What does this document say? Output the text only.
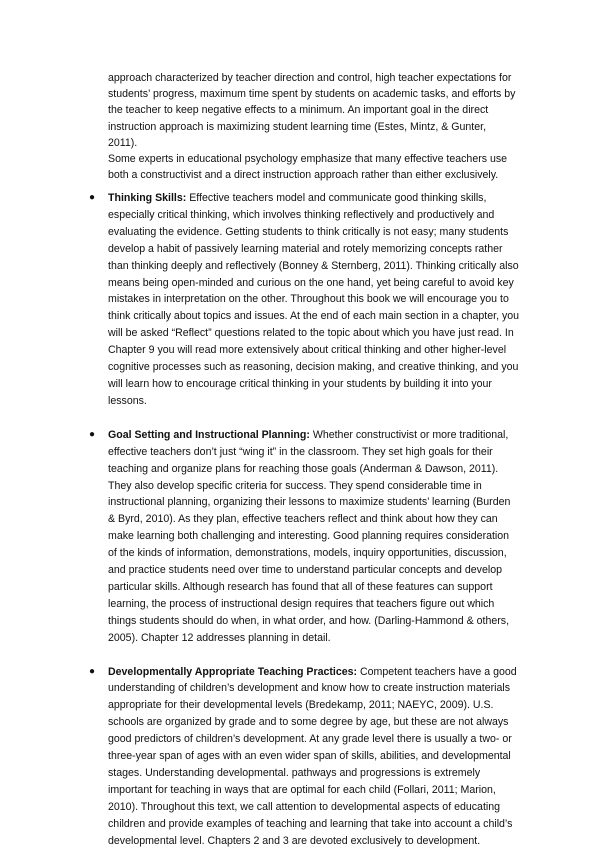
approach characterized by teacher direction and control, high teacher expectations for students’ progress, maximum time spent by students on academic tasks, and efforts by the teacher to keep negative effects to a minimum. An important goal in the direct instruction approach is maximizing student learning time (Estes, Mintz, & Gunter, 2011).

Some experts in educational psychology emphasize that many effective teachers use both a constructivist and a direct instruction approach rather than either exclusively.

● Thinking Skills: Effective teachers model and communicate good thinking skills, especially critical thinking, which involves thinking reflectively and productively and evaluating the evidence. Getting students to think critically is not easy; many students develop a habit of passively learning material and rotely memorizing concepts rather than thinking deeply and reflectively (Bonney & Sternberg, 2011). Thinking critically also means being open-minded and curious on the one hand, yet being careful to avoid key mistakes in interpretation on the other. Throughout this book we will encourage you to think critically about topics and issues. At the end of each main section in a chapter, you will be asked “Reflect” questions related to the topic about which you have just read. In Chapter 9 you will read more extensively about critical thinking and other higher-level cognitive processes such as reasoning, decision making, and creative thinking, and you will learn how to encourage critical thinking in your students by building it into your lessons.
● Goal Setting and Instructional Planning: Whether constructivist or more traditional, effective teachers don’t just “wing it” in the classroom. They set high goals for their teaching and organize plans for reaching those goals (Anderman & Dawson, 2011). They also develop specific criteria for success. They spend considerable time in instructional planning, organizing their lessons to maximize students’ learning (Burden & Byrd, 2010). As they plan, effective teachers reflect and think about how they can make learning both challenging and interesting. Good planning requires consideration of the kinds of information, demonstrations, models, inquiry opportunities, discussion, and practice students need over time to understand particular concepts and develop particular skills. Although research has found that all of these features can support learning, the process of instructional design requires that teachers figure out which things students should do when, in what order, and how. (Darling-Hammond & others, 2005). Chapter 12 addresses planning in detail.
● Developmentally Appropriate Teaching Practices: Competent teachers have a good understanding of children’s development and know how to create instruction materials appropriate for their developmental levels (Bredekamp, 2011; NAEYC, 2009). U.S. schools are organized by grade and to some degree by age, but these are not always good predictors of children’s development. At any grade level there is usually a two- or three-year span of ages with an even wider span of skills, abilities, and developmental stages. Understanding developmental. pathways and progressions is extremely important for teaching in ways that are optimal for each child (Follari, 2011; Marion, 2010). Throughout this text, we call attention to developmental aspects of educating children and provide examples of teaching and learning that take into account a child’s developmental level. Chapters 2 and 3 are devoted exclusively to development.
